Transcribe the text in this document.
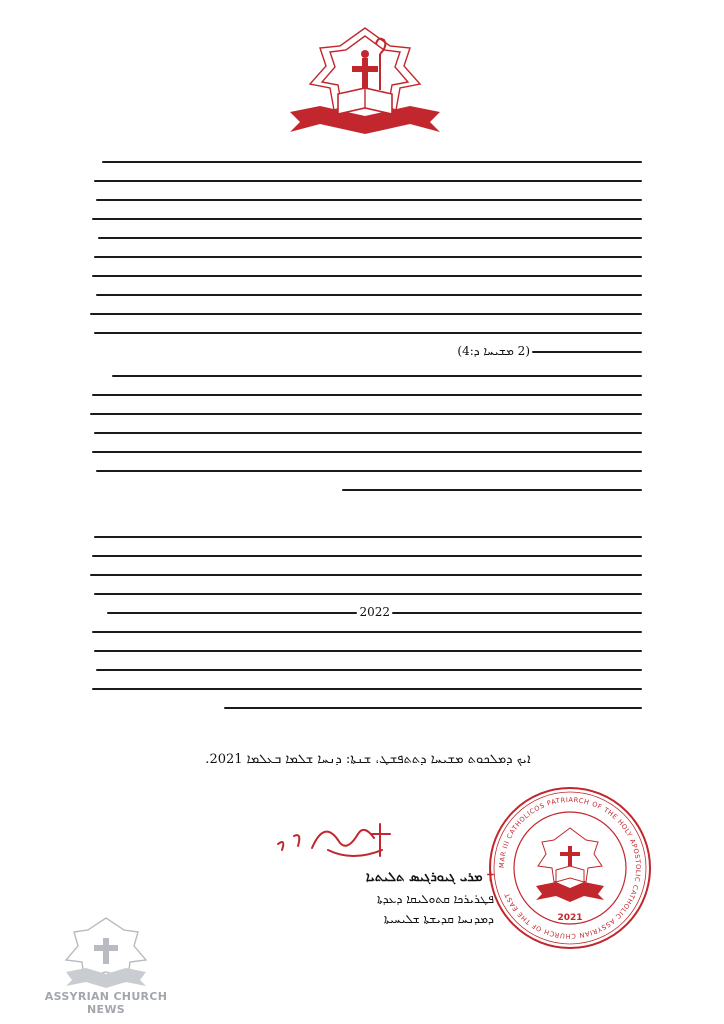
(2 ܡܫܝܚܐ ܕ:4)
2022
ܐܝܟ ܕܡܠܟܘܬ ܡܫܝܚܐ ܕܬܬܦܫܛ، ܫܢܬܐ: ܕܢܚܐ ܫܠܡܐ ܒܥܠܡܐ 2021.
✝ ܡܪܝ ܓܝܘܪܓܝܣ ܬܠܝܬܝܐ
ܦܛܪܝܪܟܐ ܩܬܘܠܝܩܐ ܕܥܕܬܐ
ܕܡܕܢܚܐ ܩܕܝܫܬܐ ܫܠܝܚܝܬܐ
MAR III CATHOLICOS PATRIARCH OF THE HOLY APOSTOLIC CATHOLIC ASSYRIAN CHURCH OF THE EAST
2021
ASSYRIAN CHURCH NEWS
